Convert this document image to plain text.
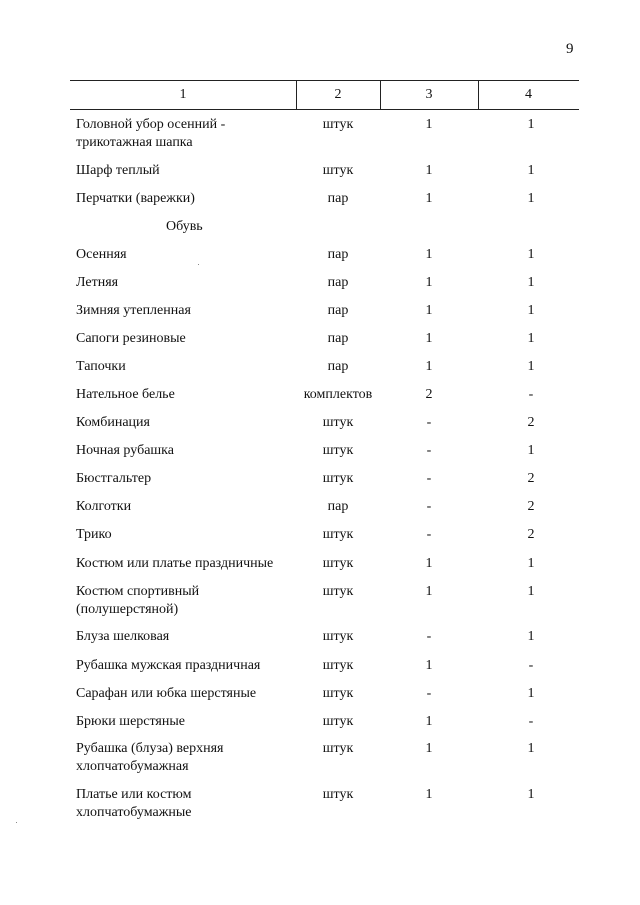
9
1	2	3	4
Головной убор осенний -
трикотажная шапка
штук	1	1
Шарф теплый	штук	1	1
Перчатки (варежки)	пар	1	1
Обувь
Осенняя	пар	1	1
Летняя	пар	1	1
Зимняя утепленная	пар	1	1
Сапоги резиновые	пар	1	1
Тапочки	пар	1	1
Нательное белье	комплектов	2	-
Комбинация	штук	-	2
Ночная рубашка	штук	-	1
Бюстгальтер	штук	-	2
Колготки	пар	-	2
Трико	штук	-	2
Костюм или платье праздничные	штук	1	1
Костюм спортивный
(полушерстяной)
штук	1	1
Блуза шелковая	штук	-	1
Рубашка мужская праздничная	штук	1	-
Сарафан или юбка шерстяные	штук	-	1
Брюки шерстяные	штук	1	-
Рубашка (блуза) верхняя
хлопчатобумажная
штук	1	1
Платье или костюм
хлопчатобумажные
штук	1	1
